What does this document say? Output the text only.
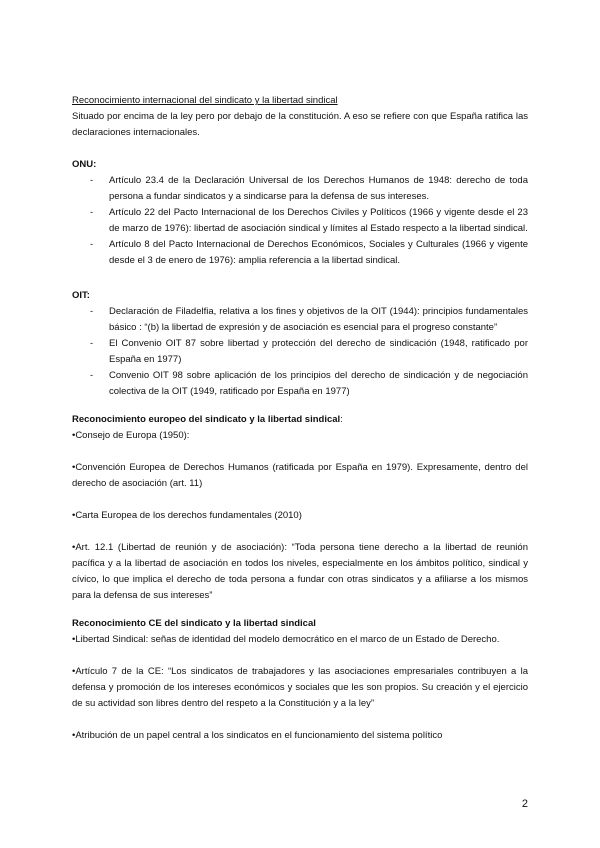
Reconocimiento internacional del sindicato y la libertad sindical

Situado por encima de la ley pero por debajo de la constitución. A eso se refiere con que España ratifica las declaraciones internacionales.

ONU:

- Artículo 23.4 de la Declaración Universal de los Derechos Humanos de 1948: derecho de toda persona a fundar sindicatos y a sindicarse para la defensa de sus intereses.
- Artículo 22 del Pacto Internacional de los Derechos Civiles y Políticos (1966 y vigente desde el 23 de marzo de 1976): libertad de asociación sindical y límites al Estado respecto a la libertad sindical.
- Artículo 8 del Pacto Internacional de Derechos Económicos, Sociales y Culturales (1966 y vigente desde el 3 de enero de 1976): amplia referencia a la libertad sindical.

OIT:

- Declaración de Filadelfia, relativa a los fines y objetivos de la OIT (1944): principios fundamentales básico : “(b) la libertad de expresión y de asociación es esencial para el progreso constante”
- El Convenio OIT 87 sobre libertad y protección del derecho de sindicación (1948, ratificado por España en 1977)
- Convenio OIT 98 sobre aplicación de los principios del derecho de sindicación y de negociación colectiva de la OIT (1949, ratificado por España en 1977)

Reconocimiento europeo del sindicato y la libertad sindical:

•Consejo de Europa (1950):

•Convención Europea de Derechos Humanos (ratificada por España en 1979). Expresamente, dentro del derecho de asociación (art. 11)

•Carta Europea de los derechos fundamentales (2010)

•Art. 12.1 (Libertad de reunión y de asociación): “Toda persona tiene derecho a la libertad de reunión pacífica y a la libertad de asociación en todos los niveles, especialmente en los ámbitos político, sindical y cívico, lo que implica el derecho de toda persona a fundar con otras sindicatos y a afiliarse a los mismos para la defensa de sus intereses”

Reconocimiento CE del sindicato y la libertad sindical

•Libertad Sindical: señas de identidad del modelo democrático en el marco de un Estado de Derecho.

•Artículo 7 de la CE: “Los sindicatos de trabajadores y las asociaciones empresariales contribuyen a la defensa y promoción de los intereses económicos y sociales que les son propios. Su creación y el ejercicio de su actividad son libres dentro del respeto a la Constitución y a la ley”

•Atribución de un papel central a los sindicatos en el funcionamiento del sistema político

2
